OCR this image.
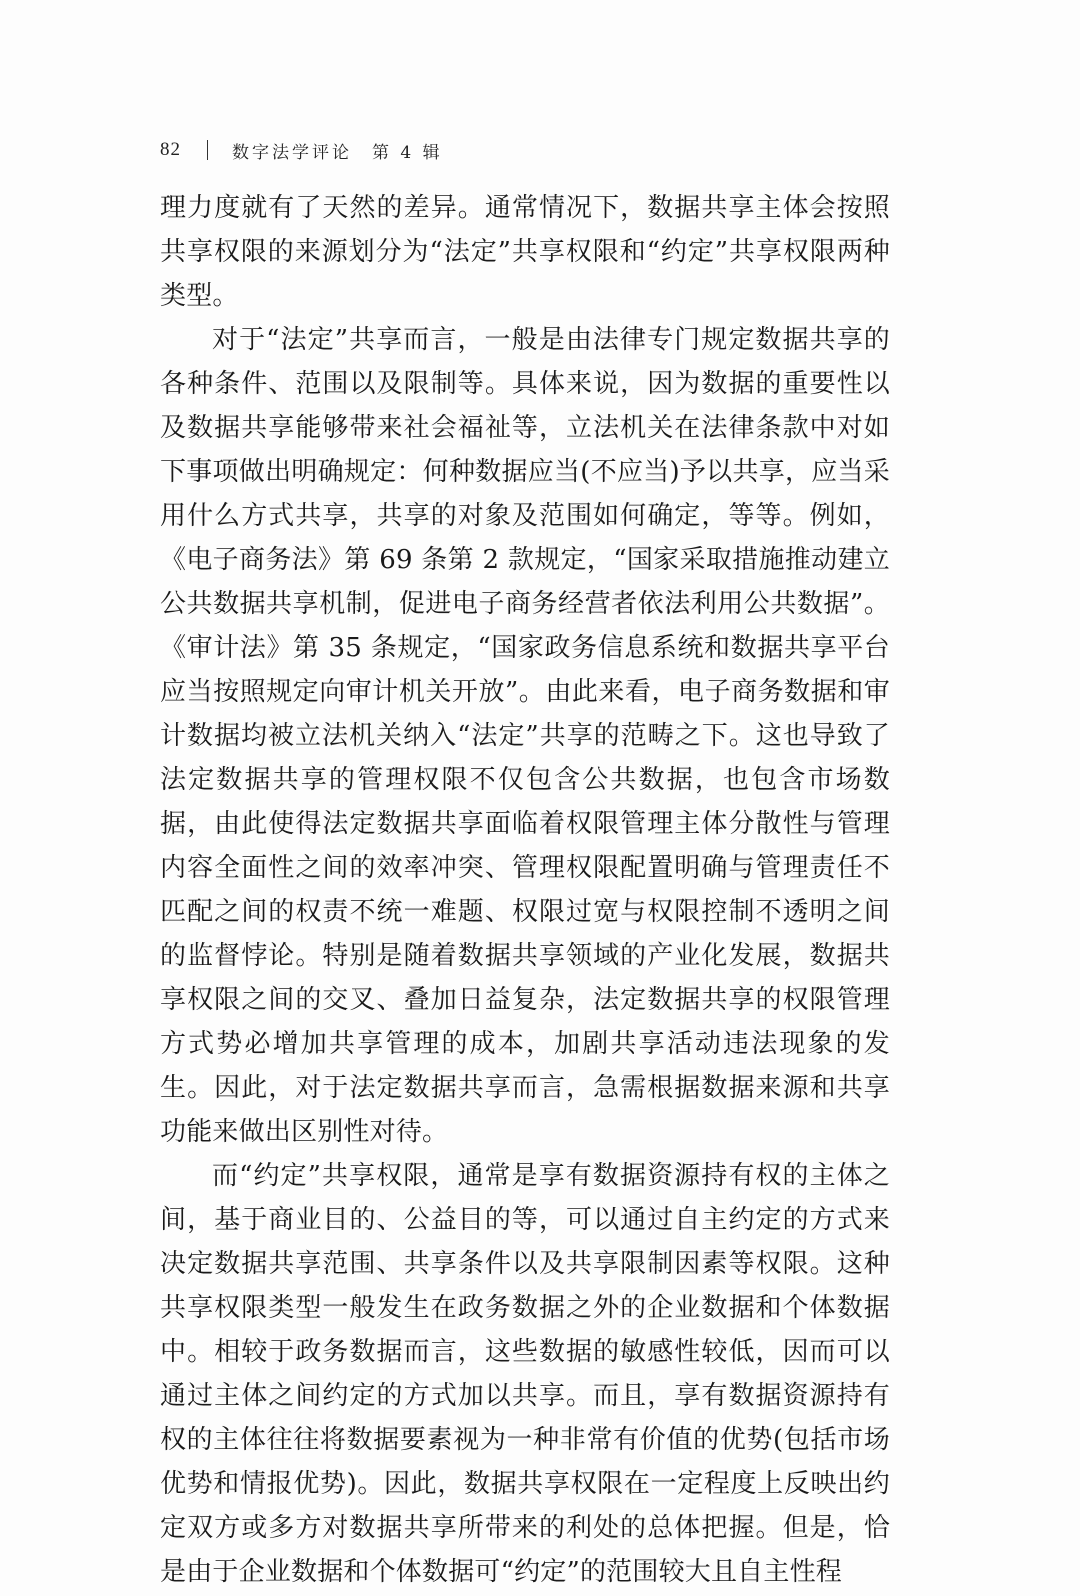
82	数字法学评论　第 4 辑

理力度就有了天然的差异。通常情况下，数据共享主体会按照共享权限的来源划分为“法定”共享权限和“约定”共享权限两种类型。

对于“法定”共享而言，一般是由法律专门规定数据共享的各种条件、范围以及限制等。具体来说，因为数据的重要性以及数据共享能够带来社会福祉等，立法机关在法律条款中对如下事项做出明确规定：何种数据应当(不应当)予以共享，应当采用什么方式共享，共享的对象及范围如何确定，等等。例如，《电子商务法》第 69 条第 2 款规定，“国家采取措施推动建立公共数据共享机制，促进电子商务经营者依法利用公共数据”。《审计法》第 35 条规定，“国家政务信息系统和数据共享平台应当按照规定向审计机关开放”。由此来看，电子商务数据和审计数据均被立法机关纳入“法定”共享的范畴之下。这也导致了法定数据共享的管理权限不仅包含公共数据，也包含市场数据，由此使得法定数据共享面临着权限管理主体分散性与管理内容全面性之间的效率冲突、管理权限配置明确与管理责任不匹配之间的权责不统一难题、权限过宽与权限控制不透明之间的监督悖论。特别是随着数据共享领域的产业化发展，数据共享权限之间的交叉、叠加日益复杂，法定数据共享的权限管理方式势必增加共享管理的成本，加剧共享活动违法现象的发生。因此，对于法定数据共享而言，急需根据数据来源和共享功能来做出区别性对待。

而“约定”共享权限，通常是享有数据资源持有权的主体之间，基于商业目的、公益目的等，可以通过自主约定的方式来决定数据共享范围、共享条件以及共享限制因素等权限。这种共享权限类型一般发生在政务数据之外的企业数据和个体数据中。相较于政务数据而言，这些数据的敏感性较低，因而可以通过主体之间约定的方式加以共享。而且，享有数据资源持有权的主体往往将数据要素视为一种非常有价值的优势(包括市场优势和情报优势)。因此，数据共享权限在一定程度上反映出约定双方或多方对数据共享所带来的利处的总体把握。但是，恰是由于企业数据和个体数据可“约定”的范围较大且自主性程
